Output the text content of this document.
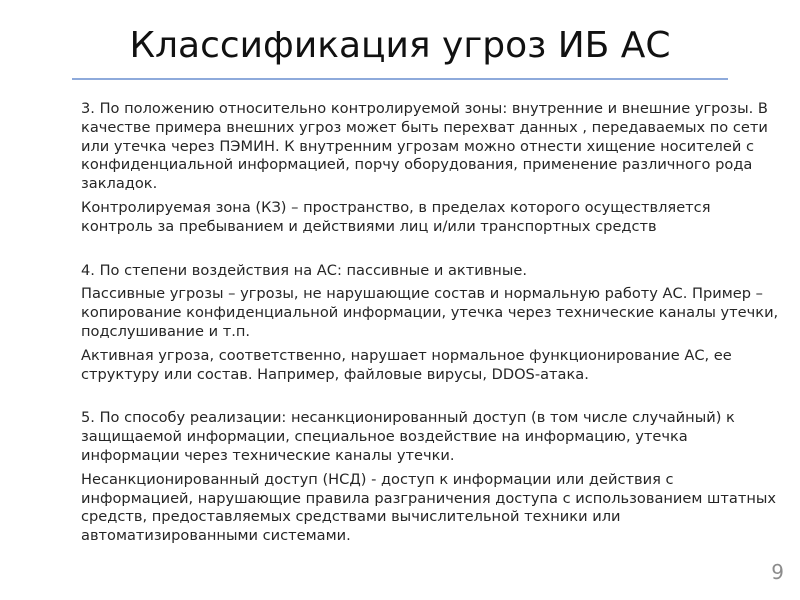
Классификация угроз ИБ АС

3. По положению относительно контролируемой зоны: внутренние и внешние угрозы. В качестве примера внешних угроз может быть перехват данных , передаваемых по сети или утечка через ПЭМИН. К внутренним угрозам можно отнести хищение носителей с конфиденциальной информацией, порчу оборудования, применение различного рода закладок.

Контролируемая зона (КЗ) – пространство, в пределах которого осуществляется контроль за пребыванием и действиями лиц и/или транспортных средств

4. По степени воздействия на АС: пассивные и активные.

Пассивные угрозы – угрозы, не нарушающие состав и нормальную работу АС. Пример – копирование конфиденциальной информации, утечка через технические каналы утечки, подслушивание и т.п.

Активная угроза, соответственно, нарушает нормальное функционирование АС, ее структуру или состав. Например, файловые вирусы, DDOS-атака.

5. По способу реализации: несанкционированный доступ (в том числе случайный) к защищаемой информации, специальное воздействие на информацию, утечка информации через технические каналы утечки.

Несанкционированный доступ (НСД) - доступ к информации или действия с информацией, нарушающие правила разграничения доступа с использованием штатных средств, предоставляемых средствами вычислительной техники или автоматизированными системами.

9
